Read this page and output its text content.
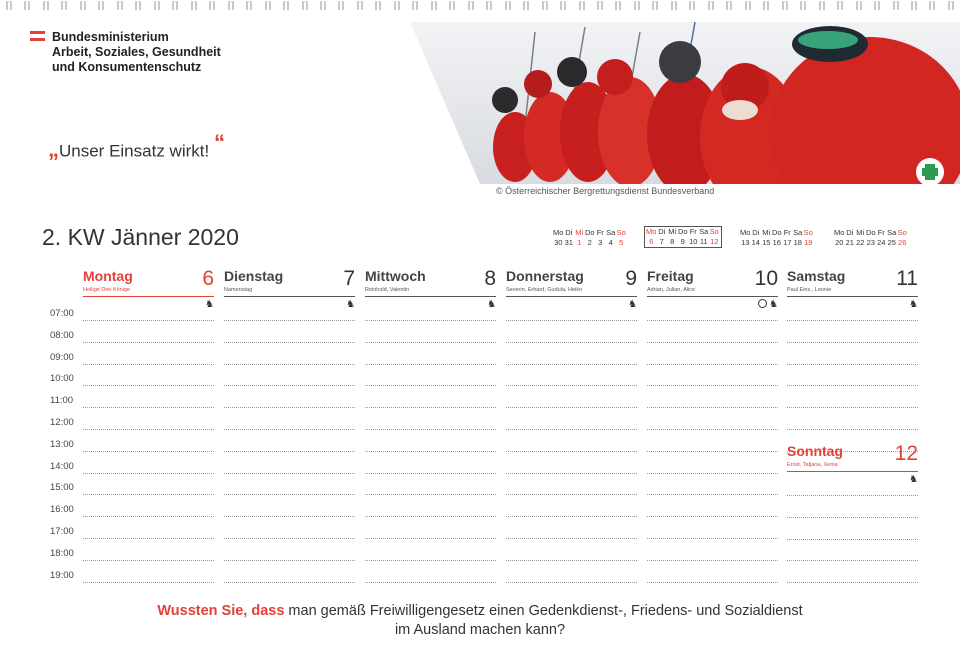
Bundesministerium
Arbeit, Soziales, Gesundheit
und Konsumentenschutz
„Unser Einsatz wirkt! “
© Österreichischer Bergrettungsdienst Bundesverband
2. KW Jänner 2020	Mo Di Mi Do Fr Sa So
30 31 1 2 3 4 5
Mo Di Mi Do Fr Sa So
6 7 8 9 10 11 12
Mo Di Mi Do Fr Sa So
13 14 15 16 17 18 19
Mo Di Mi Do Fr Sa So
20 21 22 23 24 25 26
07:00
08:00
09:00
10:00
11:00
12:00
13:00
14:00
15:00
16:00
17:00
18:00
19:00
Montag	6
Heilige Drei Könige
♞
Dienstag	7
Namenstag
♞
Mittwoch	8
Reinhold, Valentin
♞
Donnerstag 9
Severin, Erhard, Gudula, Heiko
♞
Freitag	10
Adrian, Julian, Alice
♞
Samstag 11
Paul Eins., Leonie
♞
Sonntag 12
Ernst, Tatjana, Xenia
♞
Wussten Sie, dass man gemäß Freiwilligengesetz einen Gedenkdienst-, Friedens- und Sozialdienst
im Ausland machen kann?
